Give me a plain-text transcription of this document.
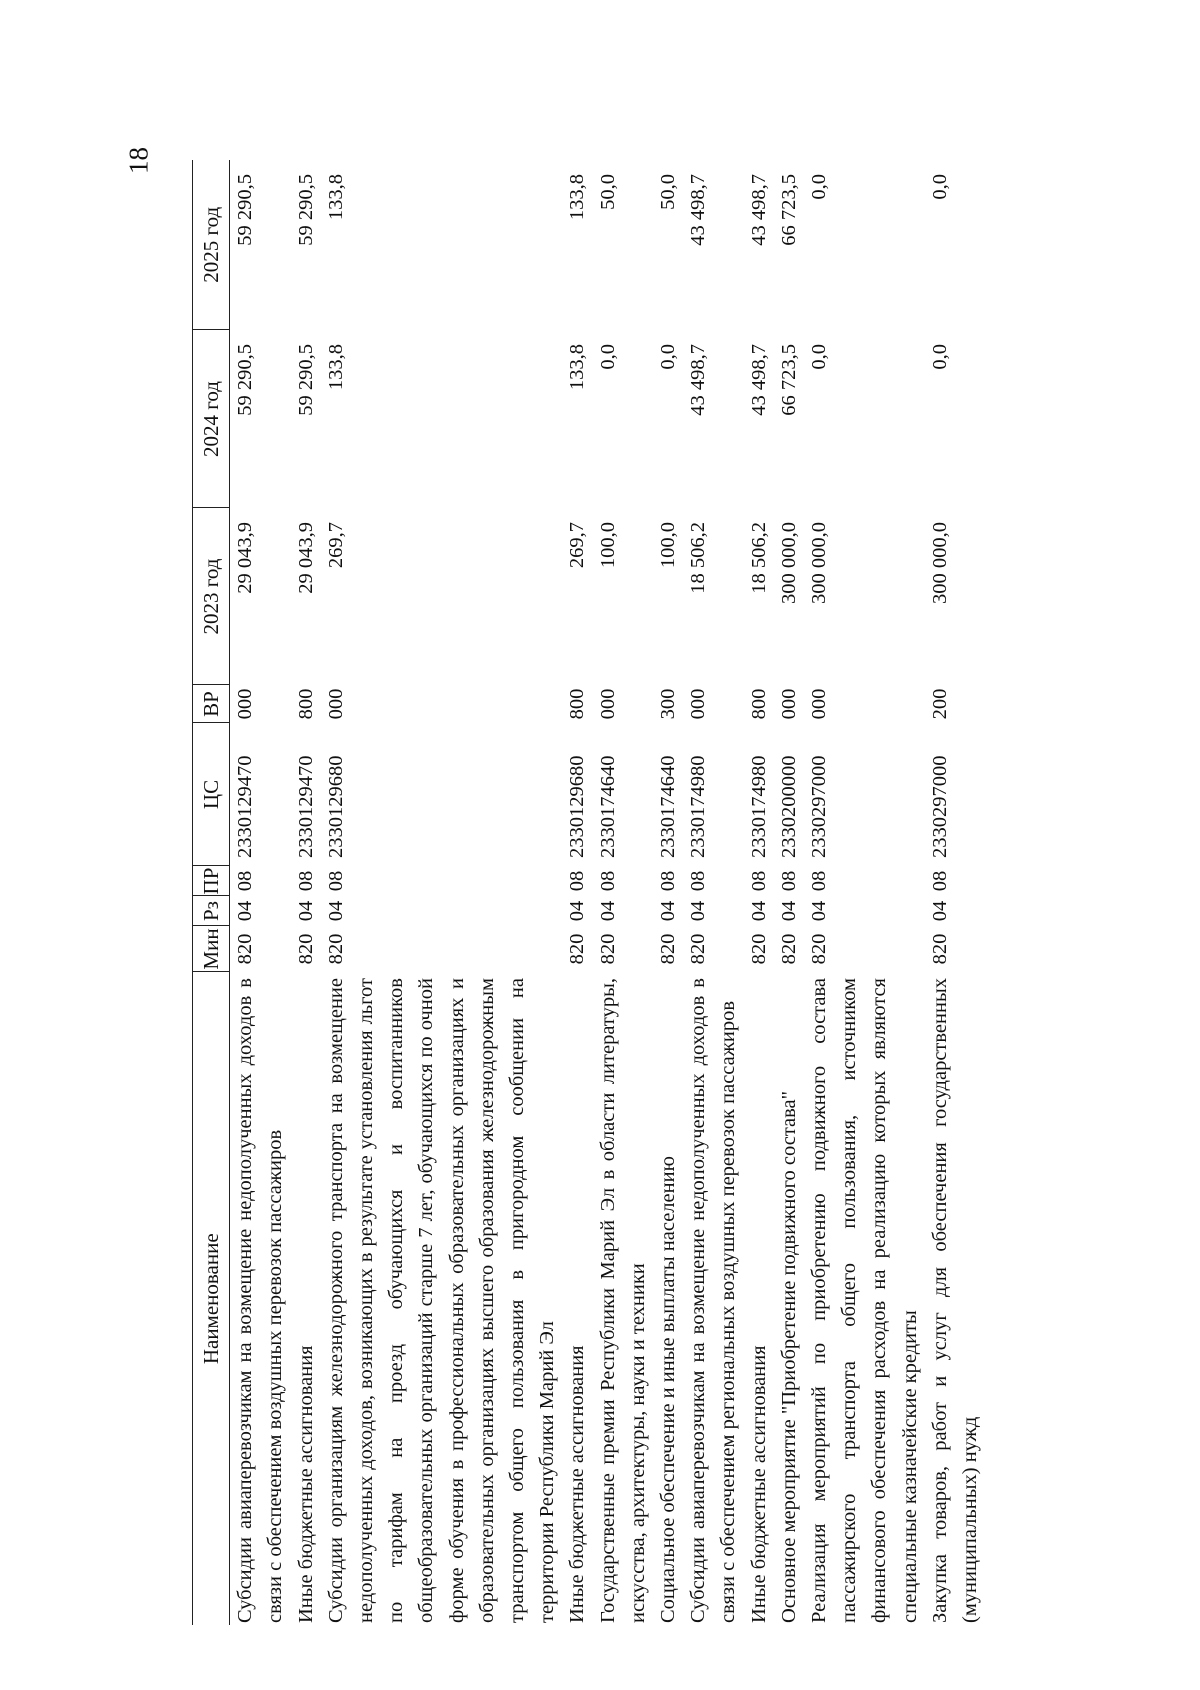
18
Наименование	Мин	Рз	ПР	ЦС	ВР	2023 год	2024 год	2025 год
Субсидии авиаперевозчикам на возмещение недополученных доходов в связи с обеспечением воздушных перевозок пассажиров	820	04	08	2330129470	000	29 043,9	59 290,5	59 290,5
Иные бюджетные ассигнования	820	04	08	2330129470	800	29 043,9	59 290,5	59 290,5
Субсидии организациям железнодорожного транспорта на возмещение недополученных доходов, возникающих в результате установления льгот по тарифам на проезд обучающихся и воспитанников общеобразовательных организаций старше 7 лет, обучающихся по очной форме обучения в профессиональных образовательных организациях и образовательных организациях высшего образования железнодорожным транспортом общего пользования в пригородном сообщении на территории Республики Марий Эл	820	04	08	2330129680	000	269,7	133,8	133,8
Иные бюджетные ассигнования	820	04	08	2330129680	800	269,7	133,8	133,8
Государственные премии Республики Марий Эл в области литературы, искусства, архитектуры, науки и техники	820	04	08	2330174640	000	100,0	0,0	50,0
Социальное обеспечение и иные выплаты населению	820	04	08	2330174640	300	100,0	0,0	50,0
Субсидии авиаперевозчикам на возмещение недополученных доходов в связи с обеспечением региональных воздушных перевозок пассажиров	820	04	08	2330174980	000	18 506,2	43 498,7	43 498,7
Иные бюджетные ассигнования	820	04	08	2330174980	800	18 506,2	43 498,7	43 498,7
Основное мероприятие "Приобретение подвижного состава"	820	04	08	2330200000	000	300 000,0	66 723,5	66 723,5
Реализация мероприятий по приобретению подвижного состава пассажирского транспорта общего пользования, источником финансового обеспечения расходов на реализацию которых являются специальные казначейские кредиты	820	04	08	2330297000	000	300 000,0	0,0	0,0
Закупка товаров, работ и услуг для обеспечения государственных (муниципальных) нужд	820	04	08	2330297000	200	300 000,0	0,0	0,0
